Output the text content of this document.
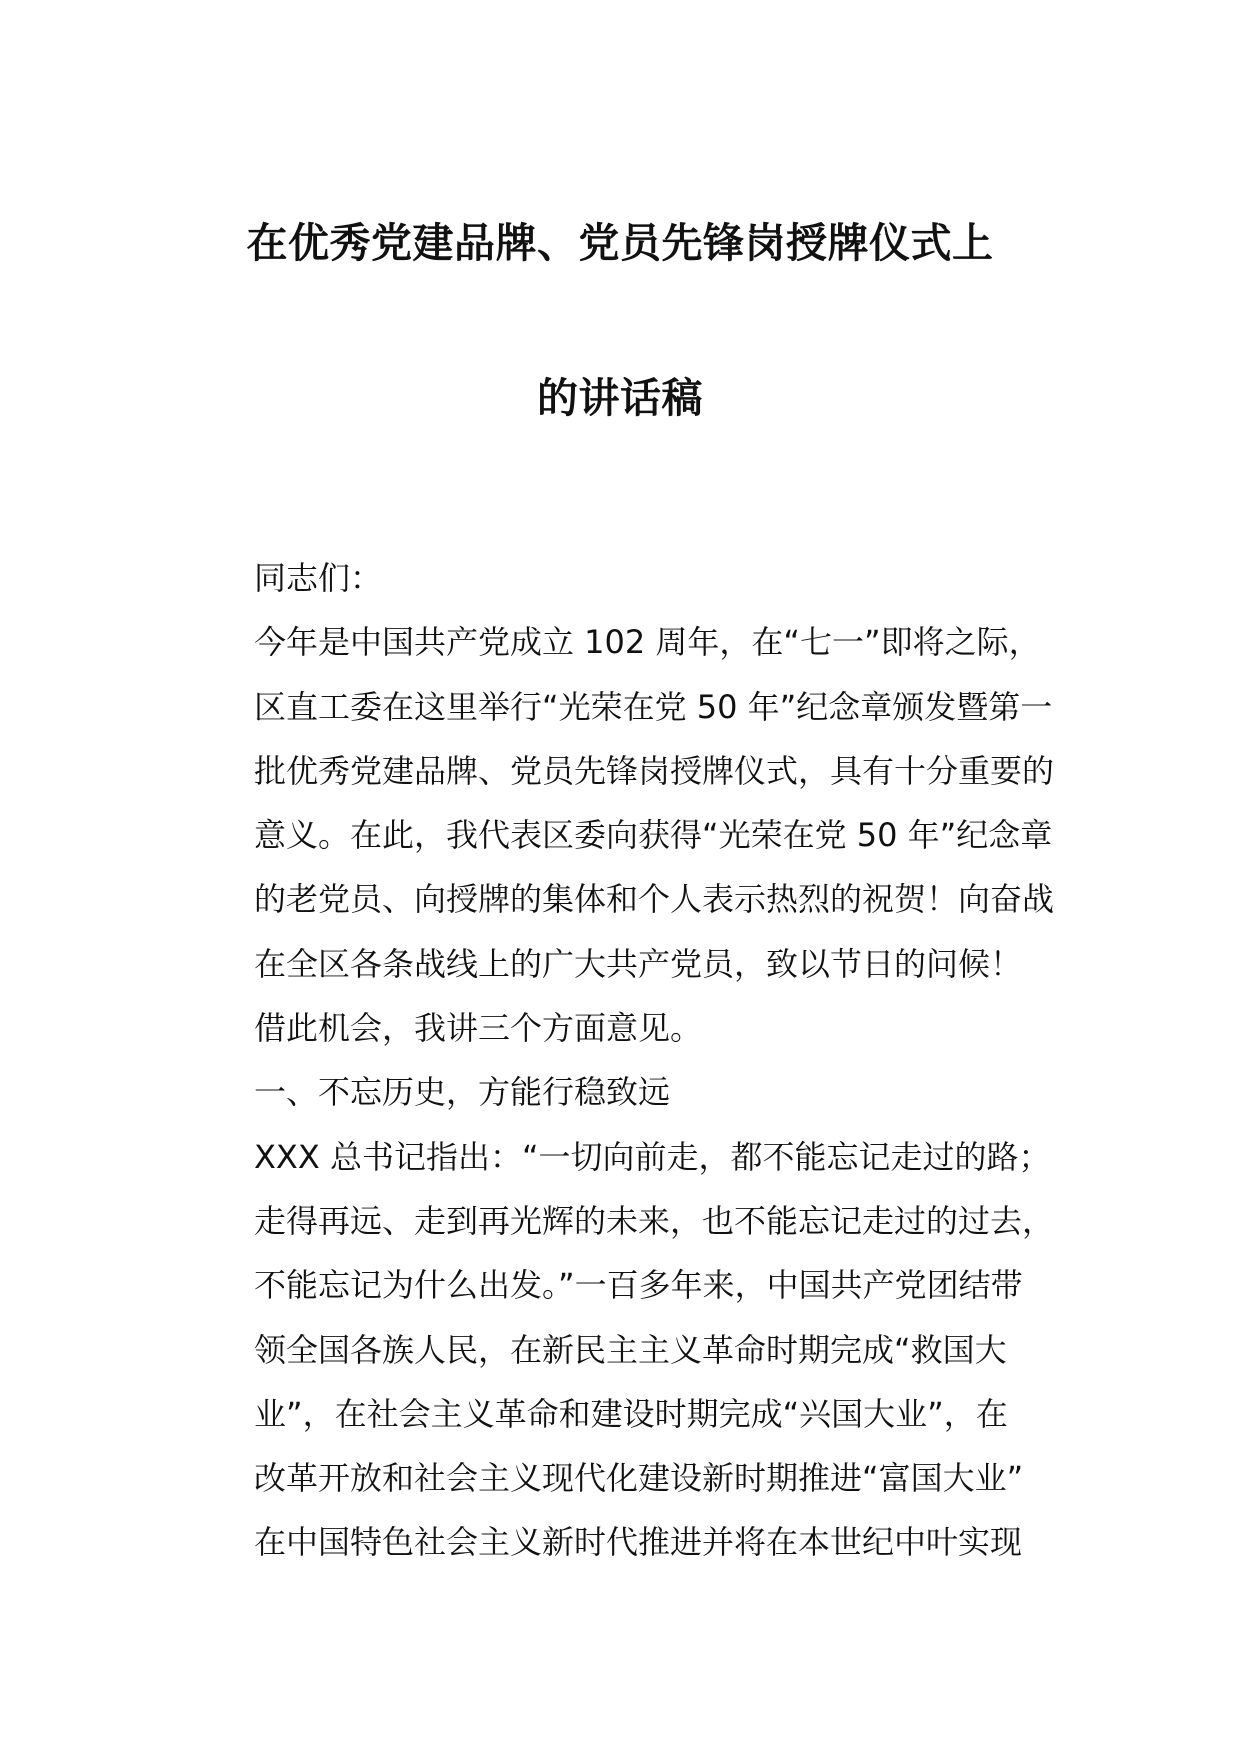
在优秀党建品牌、党员先锋岗授牌仪式上
的讲话稿

同志们：

今年是中国共产党成立 102 周年，在“七一”即将之际，
区直工委在这里举行“光荣在党 50 年”纪念章颁发暨第一
批优秀党建品牌、党员先锋岗授牌仪式，具有十分重要的
意义。在此，我代表区委向获得“光荣在党 50 年”纪念章
的老党员、向授牌的集体和个人表示热烈的祝贺！向奋战
在全区各条战线上的广大共产党员，致以节日的问候！

借此机会，我讲三个方面意见。

一、不忘历史，方能行稳致远

XXX 总书记指出：“一切向前走，都不能忘记走过的路；
走得再远、走到再光辉的未来，也不能忘记走过的过去，
不能忘记为什么出发。”一百多年来，中国共产党团结带
领全国各族人民，在新民主主义革命时期完成“救国大
业”，在社会主义革命和建设时期完成“兴国大业”，在
改革开放和社会主义现代化建设新时期推进“富国大业”
在中国特色社会主义新时代推进并将在本世纪中叶实现
